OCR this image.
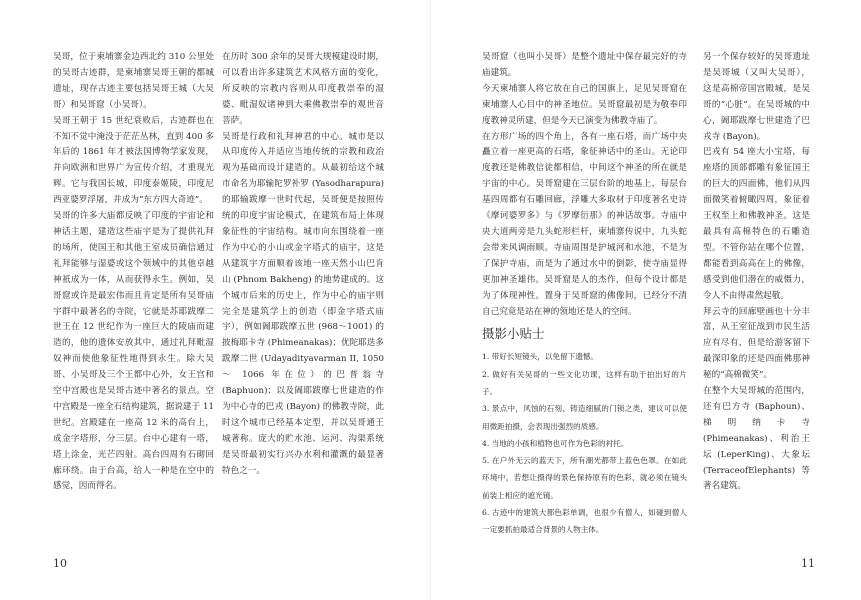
吴哥，位于柬埔寨金边西北约 310 公里处的吴哥古迹群，是柬埔寨吴哥王朝的都城遗址，现存古迹主要包括吴哥王城（大吴哥）和吴哥窟（小吴哥）。

吴哥王朝于 15 世纪衰败后，古迹群也在不知不觉中淹没于茫茫丛林，直到 400 多年后的 1861 年才被法国博物学家发现，并向欧洲和世界广为宣传介绍，才重现光辉。它与我国长城，印度泰姬陵，印度尼西亚婆罗浮屠，并成为“东方四大奇迹”。

吴哥的许多大庙都反映了印度的宇宙论和神话主题，建造这些庙宇是为了提供礼拜的场所，使国王和其他王室成员确信通过礼拜能够与湿婆或这个领域中的其他卓越神祇成为一体，从而获得永生。例如，吴哥窟或许是最宏伟而且肯定是所有吴哥庙宇群中最著名的寺院，它就是苏耶跋摩二世王在 12 世纪作为一座巨大的陵庙而建造的，他的遗体安放其中，通过礼拜毗湿奴神而使他象征性地得到永生。除大吴哥、小吴哥及三个王都中心外，女王宫和空中宫殿也是吴哥古迹中著名的景点。空中宫殿是一座全石结构建筑，据说建于 11 世纪。宫殿建在一座高 12 米的高台上，成金字塔形，分三层。台中心建有一塔，塔上涂金，光芒四射。高台四周有石砌回廊环绕。由于台高，给人一种是在空中的感觉，因而得名。

在历时 300 余年的吴哥大规模建设时期，可以看出许多建筑艺术风格方面的变化，所反映的宗教内容则从印度教崇奉的湿婆、毗湿奴诸神到大乘佛教崇奉的观世音菩萨。

吴哥是行政和礼拜神君的中心。城市是以从印度传入并适应当地传统的宗教和政治观为基础而设计建造的。从最初给这个城市命名为耶输陀罗补罗 (Yasodharapura) 的耶输跋摩一世时代起，吴哥便是按照传统的印度宇宙论模式，在建筑布局上体现象征性的宇宙结构。城市向东围绕着一座作为中心的小山或金字塔式的庙宇，这是从建筑宇方面顺着该地一座天然小山巴肯山 (Phnom Bakheng) 的地势建成的。这个城市后来的历史上，作为中心的庙宇则完全是建筑学上的创造（即金字塔式庙宇），例如阇耶跋摩五世 (968～1001) 的披梅耶卡寺 (Phimeanakas)；优陀耶迭多跋摩二世 (Udayadityavarman II, 1050 ～ 1066 年在位）的巴普翁寺 (Baphuon)；以及阇耶跋摩七世建造的作为中心寺的巴戎 (Bayon) 的佛教寺院，此时这个城市已经基本定型，并以吴哥通王城著称。庞大的贮水池、运河、沟渠系统是吴哥最初实行兴办水利和灌溉的最显著特色之一。

吴哥窟（也叫小吴哥）是整个遗址中保存最完好的寺庙建筑。

今天柬埔寨人将它放在自己的国旗上，足见吴哥窟在柬埔寨人心目中的神圣地位。吴哥窟最初是为敬奉印度教神灵所建，但是今天已演变为佛教寺庙了。

在方形广场的四个角上，各有一座石塔，而广场中央矗立着一座更高的石塔，象征神话中的圣山。无论印度教还是佛教信徒都相信，中间这个神圣的所在就是宇宙的中心。吴哥窟建在三层台阶的地基上，每层台基四周都有石雕回廊，浮雕大多取材于印度著名史诗《摩诃婆罗多》与《罗摩衍那》的神话故事。寺庙中央大道两旁是九头蛇形栏杆，柬埔寨传说中，九头蛇会带来风调雨顺。寺庙周围是护城河和水池，不是为了保护寺庙，而是为了通过水中的倒影，使寺庙显得更加神圣雄伟。吴哥窟是人的杰作，但每个设计都是为了体现神性。置身于吴哥窟的佛像间，已经分不清自己究竟是站在神的领地还是人的空间。

摄影小贴士

1. 带好长短镜头，以免留下遗憾。

2. 做好有关吴哥的一些文化功课，这样有助于拍出好的片子。

3. 景点中，风蚀的石刻、铸造细腻的门锁之类，建议可以使用微距拍摄，会表现出强烈的质感。

4. 当地的小孩和植物也可作为色彩的衬托。

5. 在户外无云的蓝天下，所有潮光都带上蓝色色罩。在如此环境中，若想让摄得的景色保持原有的色彩，就必须在镜头前装上相应的遮光镜。

6. 古迹中的建筑大都色彩单调，也很少有僧人，如碰到僧人一定要抓拍最适合背景的人物主体。

另一个保存较好的吴哥遗址是吴哥城（又叫大吴哥），这是高棉帝国宫殿城，是吴哥的“心脏”。在吴哥城的中心，阇耶跋摩七世建造了巴戎寺 (Bayon)。

巴戎有 54 座大小宝塔，每座塔的顶部都雕有象征国王的巨大的四面佛，他们从四面微笑着俯瞰四周，象征着王权至上和佛教神圣。这是最具有高棉特色的石雕造型。不管你站在哪个位置，都能看到高高在上的佛像，感受到他们潜在的威慑力，令人不由得肃然起敬。

拜云寺的回廊壁画也十分丰富，从王室征战到市民生活应有尽有，但是给游客留下最深印象的还是四面佛那神秘的“高棉微笑”。

在整个大吴哥城的范围内，还有巴方寺 (Baphoun)、梯明纳卡寺 (Phimeanakas)、利治王坛 (LeperKing)、大象坛 (TerraceofElephants) 等著名建筑。

10	11
